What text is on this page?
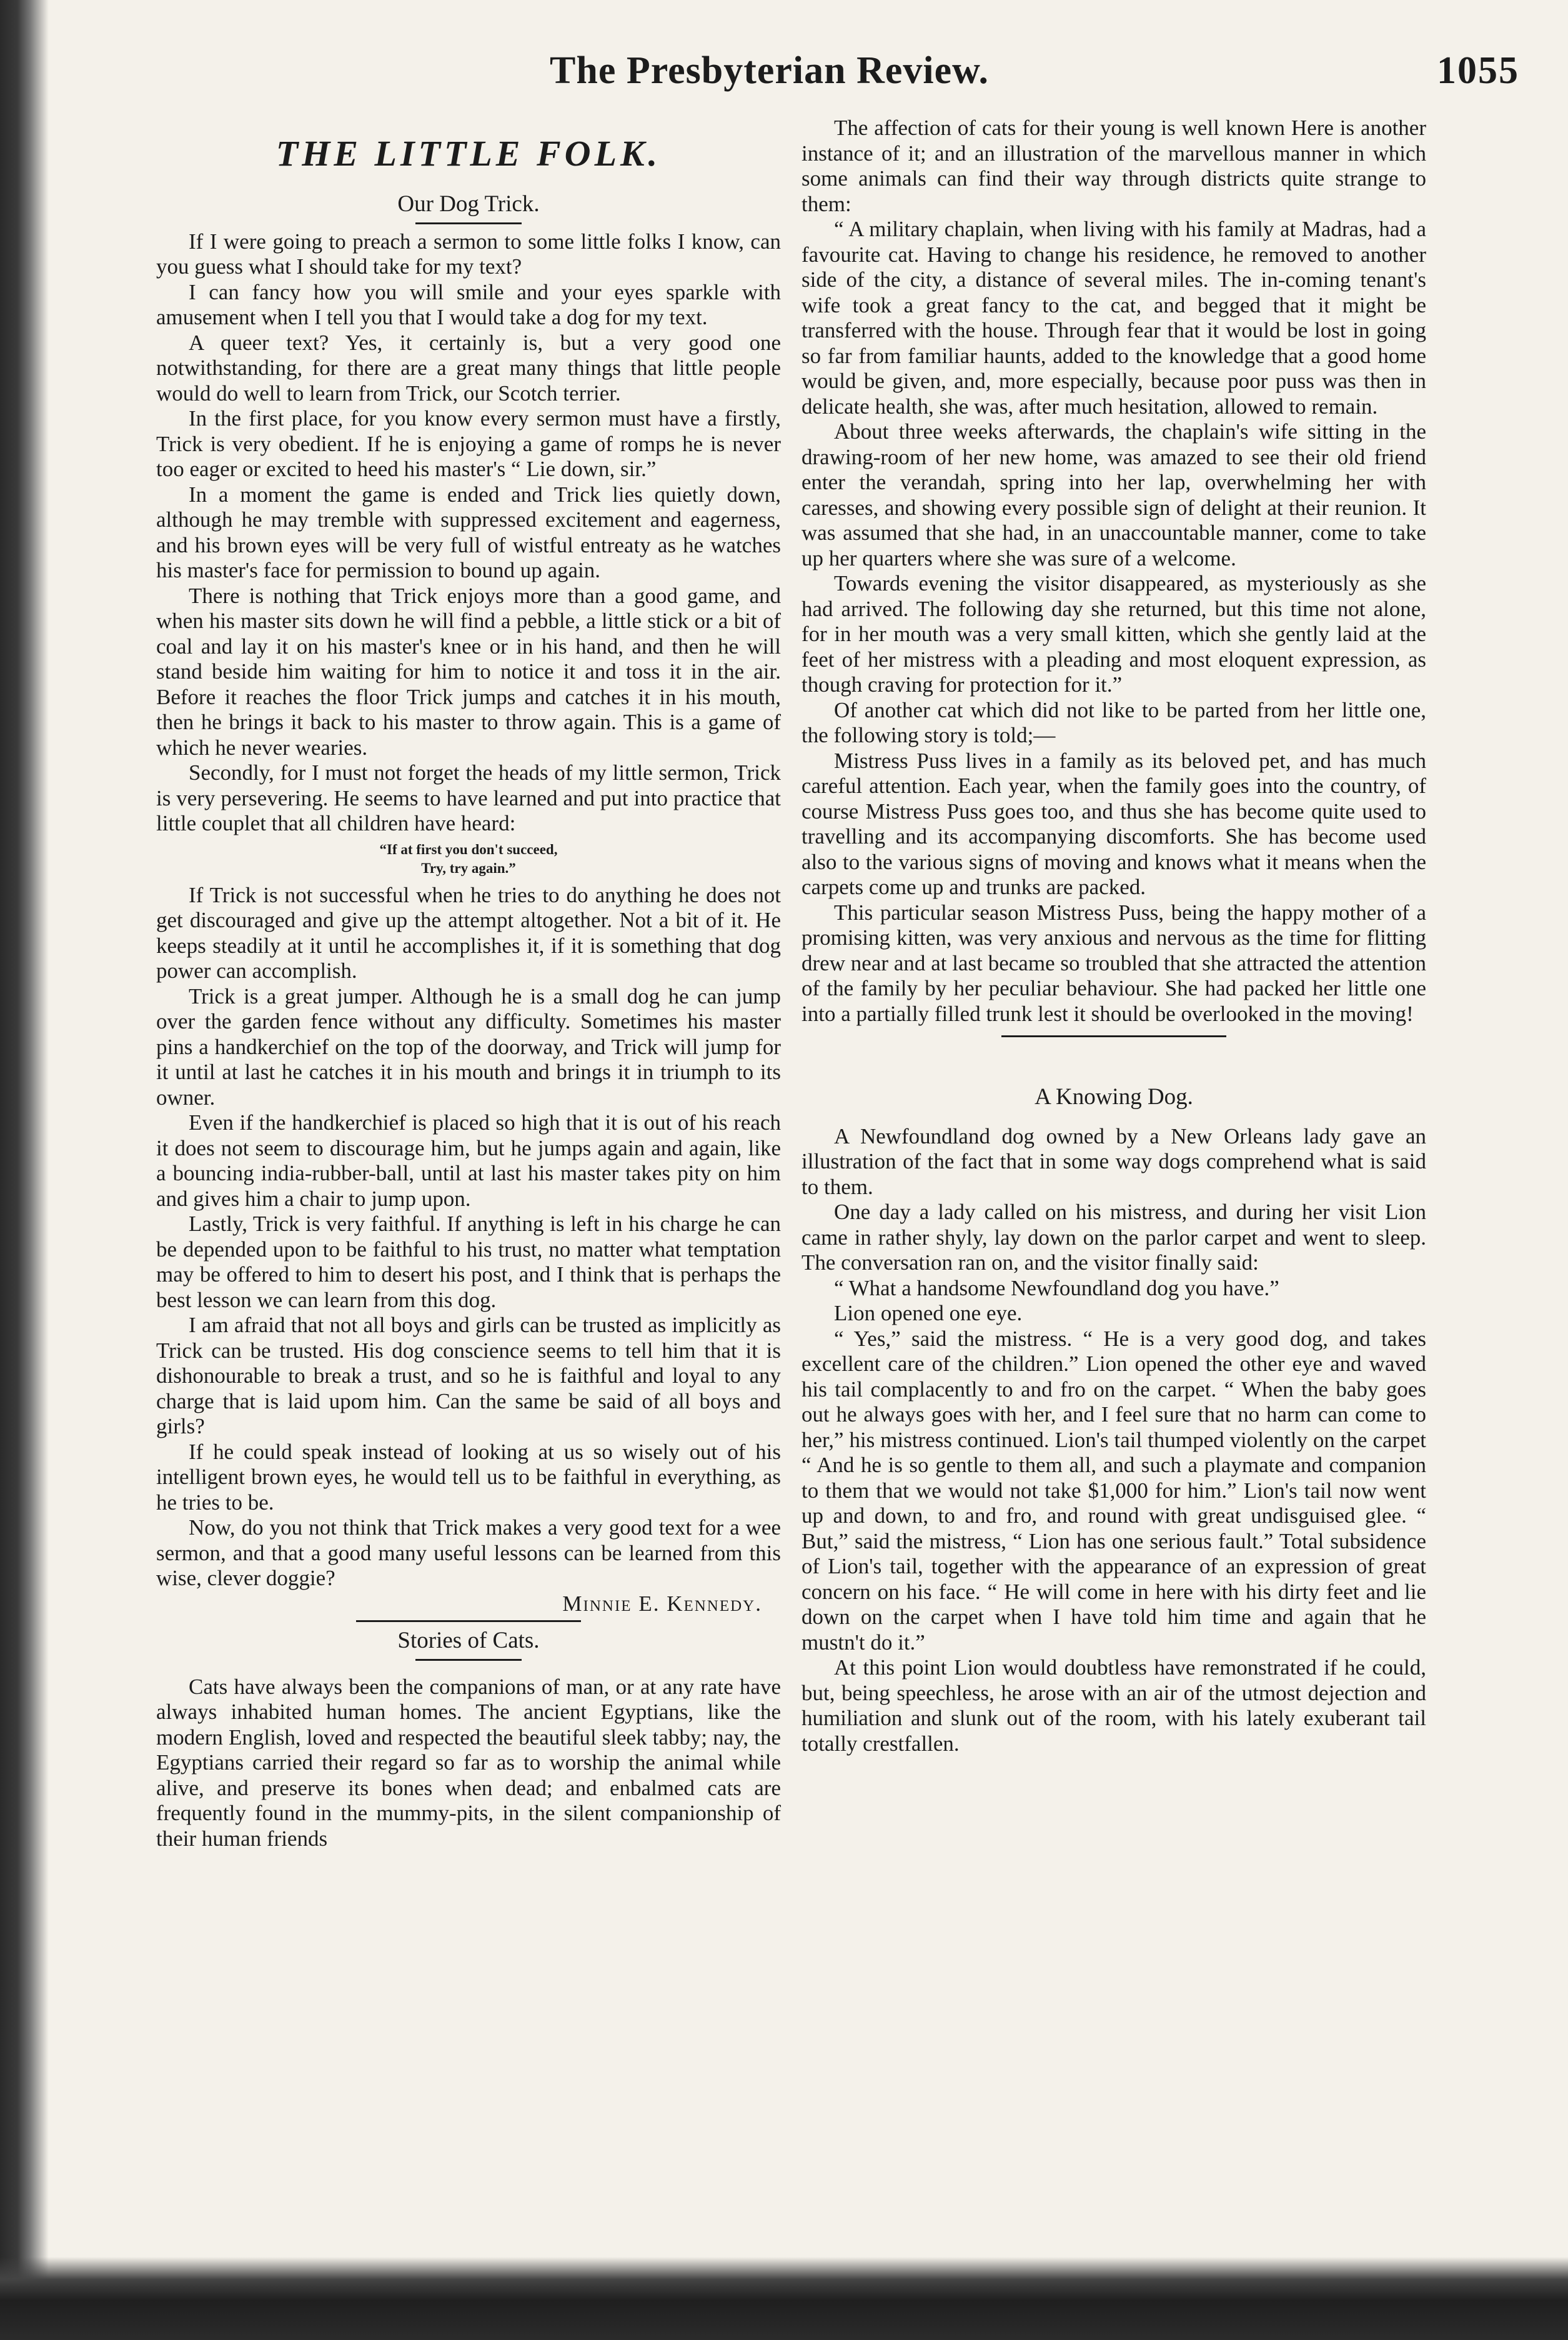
The Presbyterian Review.	1055
THE LITTLE FOLK.
Our Dog Trick.

If I were going to preach a sermon to some little folks I know, can you guess what I should take for my text?

I can fancy how you will smile and your eyes sparkle with amusement when I tell you that I would take a dog for my text.

A queer text? Yes, it certainly is, but a very good one notwithstanding, for there are a great many things that little people would do well to learn from Trick, our Scotch terrier.

In the first place, for you know every sermon must have a firstly, Trick is very obedient. If he is enjoying a game of romps he is never too eager or excited to heed his master's “ Lie down, sir.”

In a moment the game is ended and Trick lies quietly down, although he may tremble with suppressed excitement and eagerness, and his brown eyes will be very full of wistful entreaty as he watches his master's face for permission to bound up again.

There is nothing that Trick enjoys more than a good game, and when his master sits down he will find a pebble, a little stick or a bit of coal and lay it on his master's knee or in his hand, and then he will stand beside him waiting for him to notice it and toss it in the air. Before it reaches the floor Trick jumps and catches it in his mouth, then he brings it back to his master to throw again. This is a game of which he never wearies.

Secondly, for I must not forget the heads of my little sermon, Trick is very persevering. He seems to have learned and put into practice that little couplet that all children have heard:

“If at first you don't succeed,
Try, try again.”

If Trick is not successful when he tries to do anything he does not get discouraged and give up the attempt altogether. Not a bit of it. He keeps steadily at it until he accomplishes it, if it is something that dog power can accomplish.

Trick is a great jumper. Although he is a small dog he can jump over the garden fence without any difficulty. Sometimes his master pins a handkerchief on the top of the doorway, and Trick will jump for it until at last he catches it in his mouth and brings it in triumph to its owner.

Even if the handkerchief is placed so high that it is out of his reach it does not seem to discourage him, but he jumps again and again, like a bouncing india-rubber-ball, until at last his master takes pity on him and gives him a chair to jump upon.

Lastly, Trick is very faithful. If anything is left in his charge he can be depended upon to be faithful to his trust, no matter what temptation may be offered to him to desert his post, and I think that is perhaps the best lesson we can learn from this dog.

I am afraid that not all boys and girls can be trusted as implicitly as Trick can be trusted. His dog conscience seems to tell him that it is dishonourable to break a trust, and so he is faithful and loyal to any charge that is laid upom him. Can the same be said of all boys and girls?

If he could speak instead of looking at us so wisely out of his intelligent brown eyes, he would tell us to be faithful in everything, as he tries to be.

Now, do you not think that Trick makes a very good text for a wee sermon, and that a good many useful lessons can be learned from this wise, clever doggie?

Minnie E. Kennedy.
Stories of Cats.

Cats have always been the companions of man, or at any rate have always inhabited human homes. The ancient Egyptians, like the modern English, loved and respected the beautiful sleek tabby; nay, the Egyptians carried their regard so far as to worship the animal while alive, and preserve its bones when dead; and enbalmed cats are frequently found in the mummy-pits, in the silent companionship of their human friends

The affection of cats for their young is well known Here is another instance of it; and an illustration of the marvellous manner in which some animals can find their way through districts quite strange to them:

“ A military chaplain, when living with his family at Madras, had a favourite cat. Having to change his residence, he removed to another side of the city, a distance of several miles. The in-coming tenant's wife took a great fancy to the cat, and begged that it might be transferred with the house. Through fear that it would be lost in going so far from familiar haunts, added to the knowledge that a good home would be given, and, more especially, because poor puss was then in delicate health, she was, after much hesitation, allowed to remain.

About three weeks afterwards, the chaplain's wife sitting in the drawing-room of her new home, was amazed to see their old friend enter the verandah, spring into her lap, overwhelming her with caresses, and showing every possible sign of delight at their reunion. It was assumed that she had, in an unaccountable manner, come to take up her quarters where she was sure of a welcome.

Towards evening the visitor disappeared, as mysteriously as she had arrived. The following day she returned, but this time not alone, for in her mouth was a very small kitten, which she gently laid at the feet of her mistress with a pleading and most eloquent expression, as though craving for protection for it.”

Of another cat which did not like to be parted from her little one, the following story is told;—

Mistress Puss lives in a family as its beloved pet, and has much careful attention. Each year, when the family goes into the country, of course Mistress Puss goes too, and thus she has become quite used to travelling and its accompanying discomforts. She has become used also to the various signs of moving and knows what it means when the carpets come up and trunks are packed.

This particular season Mistress Puss, being the happy mother of a promising kitten, was very anxious and nervous as the time for flitting drew near and at last became so troubled that she attracted the attention of the family by her peculiar behaviour. She had packed her little one into a partially filled trunk lest it should be overlooked in the moving!

A Knowing Dog.

A Newfoundland dog owned by a New Orleans lady gave an illustration of the fact that in some way dogs comprehend what is said to them.

One day a lady called on his mistress, and during her visit Lion came in rather shyly, lay down on the parlor carpet and went to sleep. The conversation ran on, and the visitor finally said:

“ What a handsome Newfoundland dog you have.”

Lion opened one eye.

“ Yes,” said the mistress. “ He is a very good dog, and takes excellent care of the children.” Lion opened the other eye and waved his tail complacently to and fro on the carpet. “ When the baby goes out he always goes with her, and I feel sure that no harm can come to her,” his mistress continued. Lion's tail thumped violently on the carpet “ And he is so gentle to them all, and such a playmate and companion to them that we would not take $1,000 for him.” Lion's tail now went up and down, to and fro, and round with great undisguised glee. “ But,” said the mistress, “ Lion has one serious fault.” Total subsidence of Lion's tail, together with the appearance of an expression of great concern on his face. “ He will come in here with his dirty feet and lie down on the carpet when I have told him time and again that he mustn't do it.”

At this point Lion would doubtless have remonstrated if he could, but, being speechless, he arose with an air of the utmost dejection and humiliation and slunk out of the room, with his lately exuberant tail totally crestfallen.
